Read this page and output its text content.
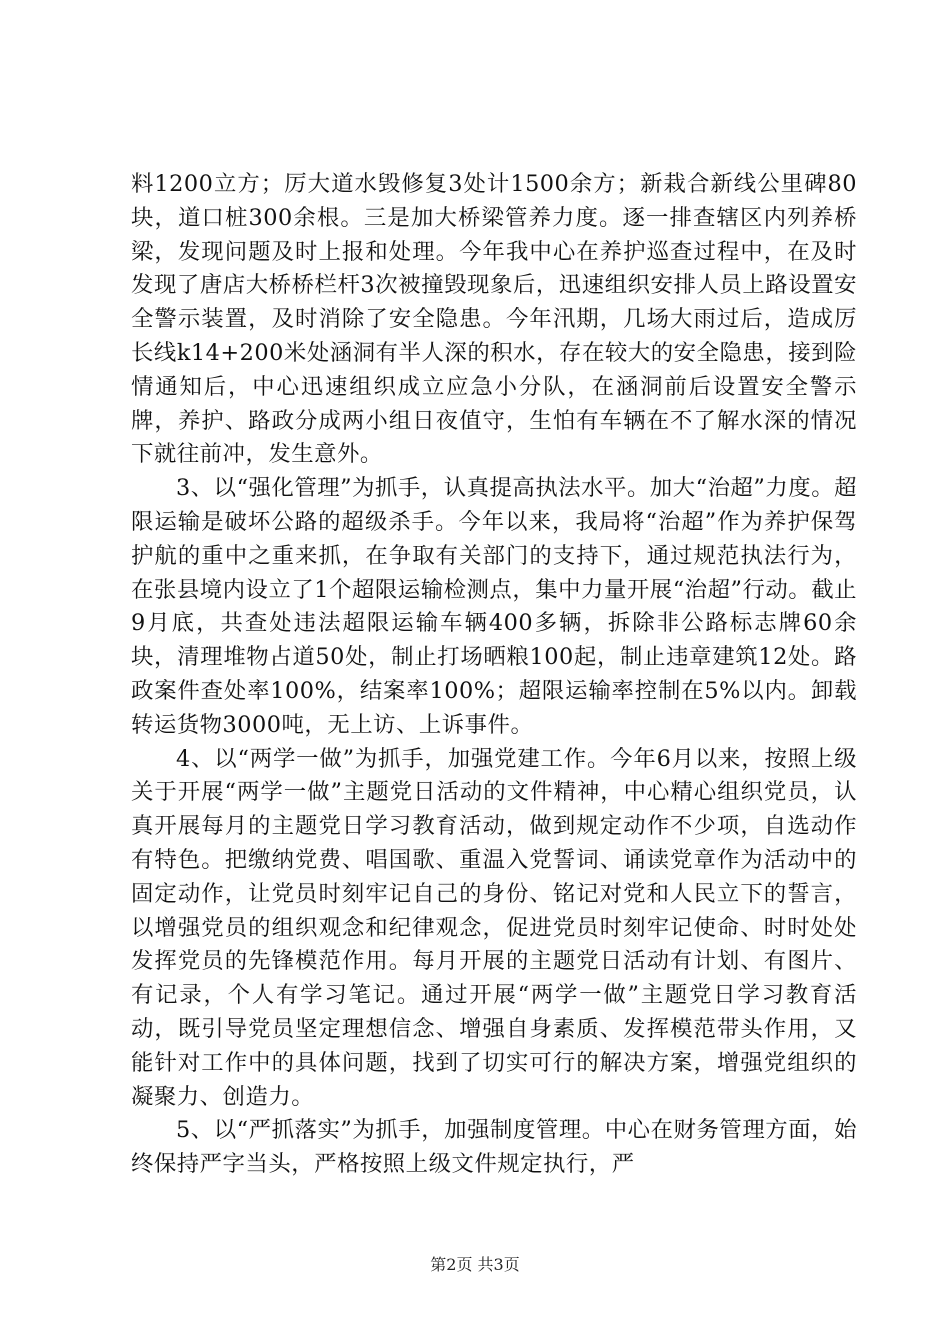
料1200立方；厉大道水毁修复3处计1500余方；新栽合新线公里碑80块，道口桩300余根。三是加大桥梁管养力度。逐一排查辖区内列养桥梁，发现问题及时上报和处理。今年我中心在养护巡查过程中，在及时发现了唐店大桥桥栏杆3次被撞毁现象后，迅速组织安排人员上路设置安全警示装置，及时消除了安全隐患。今年汛期，几场大雨过后，造成厉长线k14+200米处涵洞有半人深的积水，存在较大的安全隐患，接到险情通知后，中心迅速组织成立应急小分队，在涵洞前后设置安全警示牌，养护、路政分成两小组日夜值守，生怕有车辆在不了解水深的情况下就往前冲，发生意外。

3、以“强化管理”为抓手，认真提高执法水平。加大“治超”力度。超限运输是破坏公路的超级杀手。今年以来，我局将“治超”作为养护保驾护航的重中之重来抓，在争取有关部门的支持下，通过规范执法行为，在张县境内设立了1个超限运输检测点，集中力量开展“治超”行动。截止9月底，共查处违法超限运输车辆400多辆，拆除非公路标志牌60余块，清理堆物占道50处，制止打场晒粮100起，制止违章建筑12处。路政案件查处率100%，结案率100%；超限运输率控制在5%以内。卸载转运货物3000吨，无上访、上诉事件。

4、以“两学一做”为抓手，加强党建工作。今年6月以来，按照上级关于开展“两学一做”主题党日活动的文件精神，中心精心组织党员，认真开展每月的主题党日学习教育活动，做到规定动作不少项，自选动作有特色。把缴纳党费、唱国歌、重温入党誓词、诵读党章作为活动中的固定动作，让党员时刻牢记自己的身份、铭记对党和人民立下的誓言，以增强党员的组织观念和纪律观念，促进党员时刻牢记使命、时时处处发挥党员的先锋模范作用。每月开展的主题党日活动有计划、有图片、有记录，个人有学习笔记。通过开展“两学一做”主题党日学习教育活动，既引导党员坚定理想信念、增强自身素质、发挥模范带头作用，又能针对工作中的具体问题，找到了切实可行的解决方案，增强党组织的凝聚力、创造力。

5、以“严抓落实”为抓手，加强制度管理。中心在财务管理方面，始终保持严字当头，严格按照上级文件规定执行，严

第2页 共3页
